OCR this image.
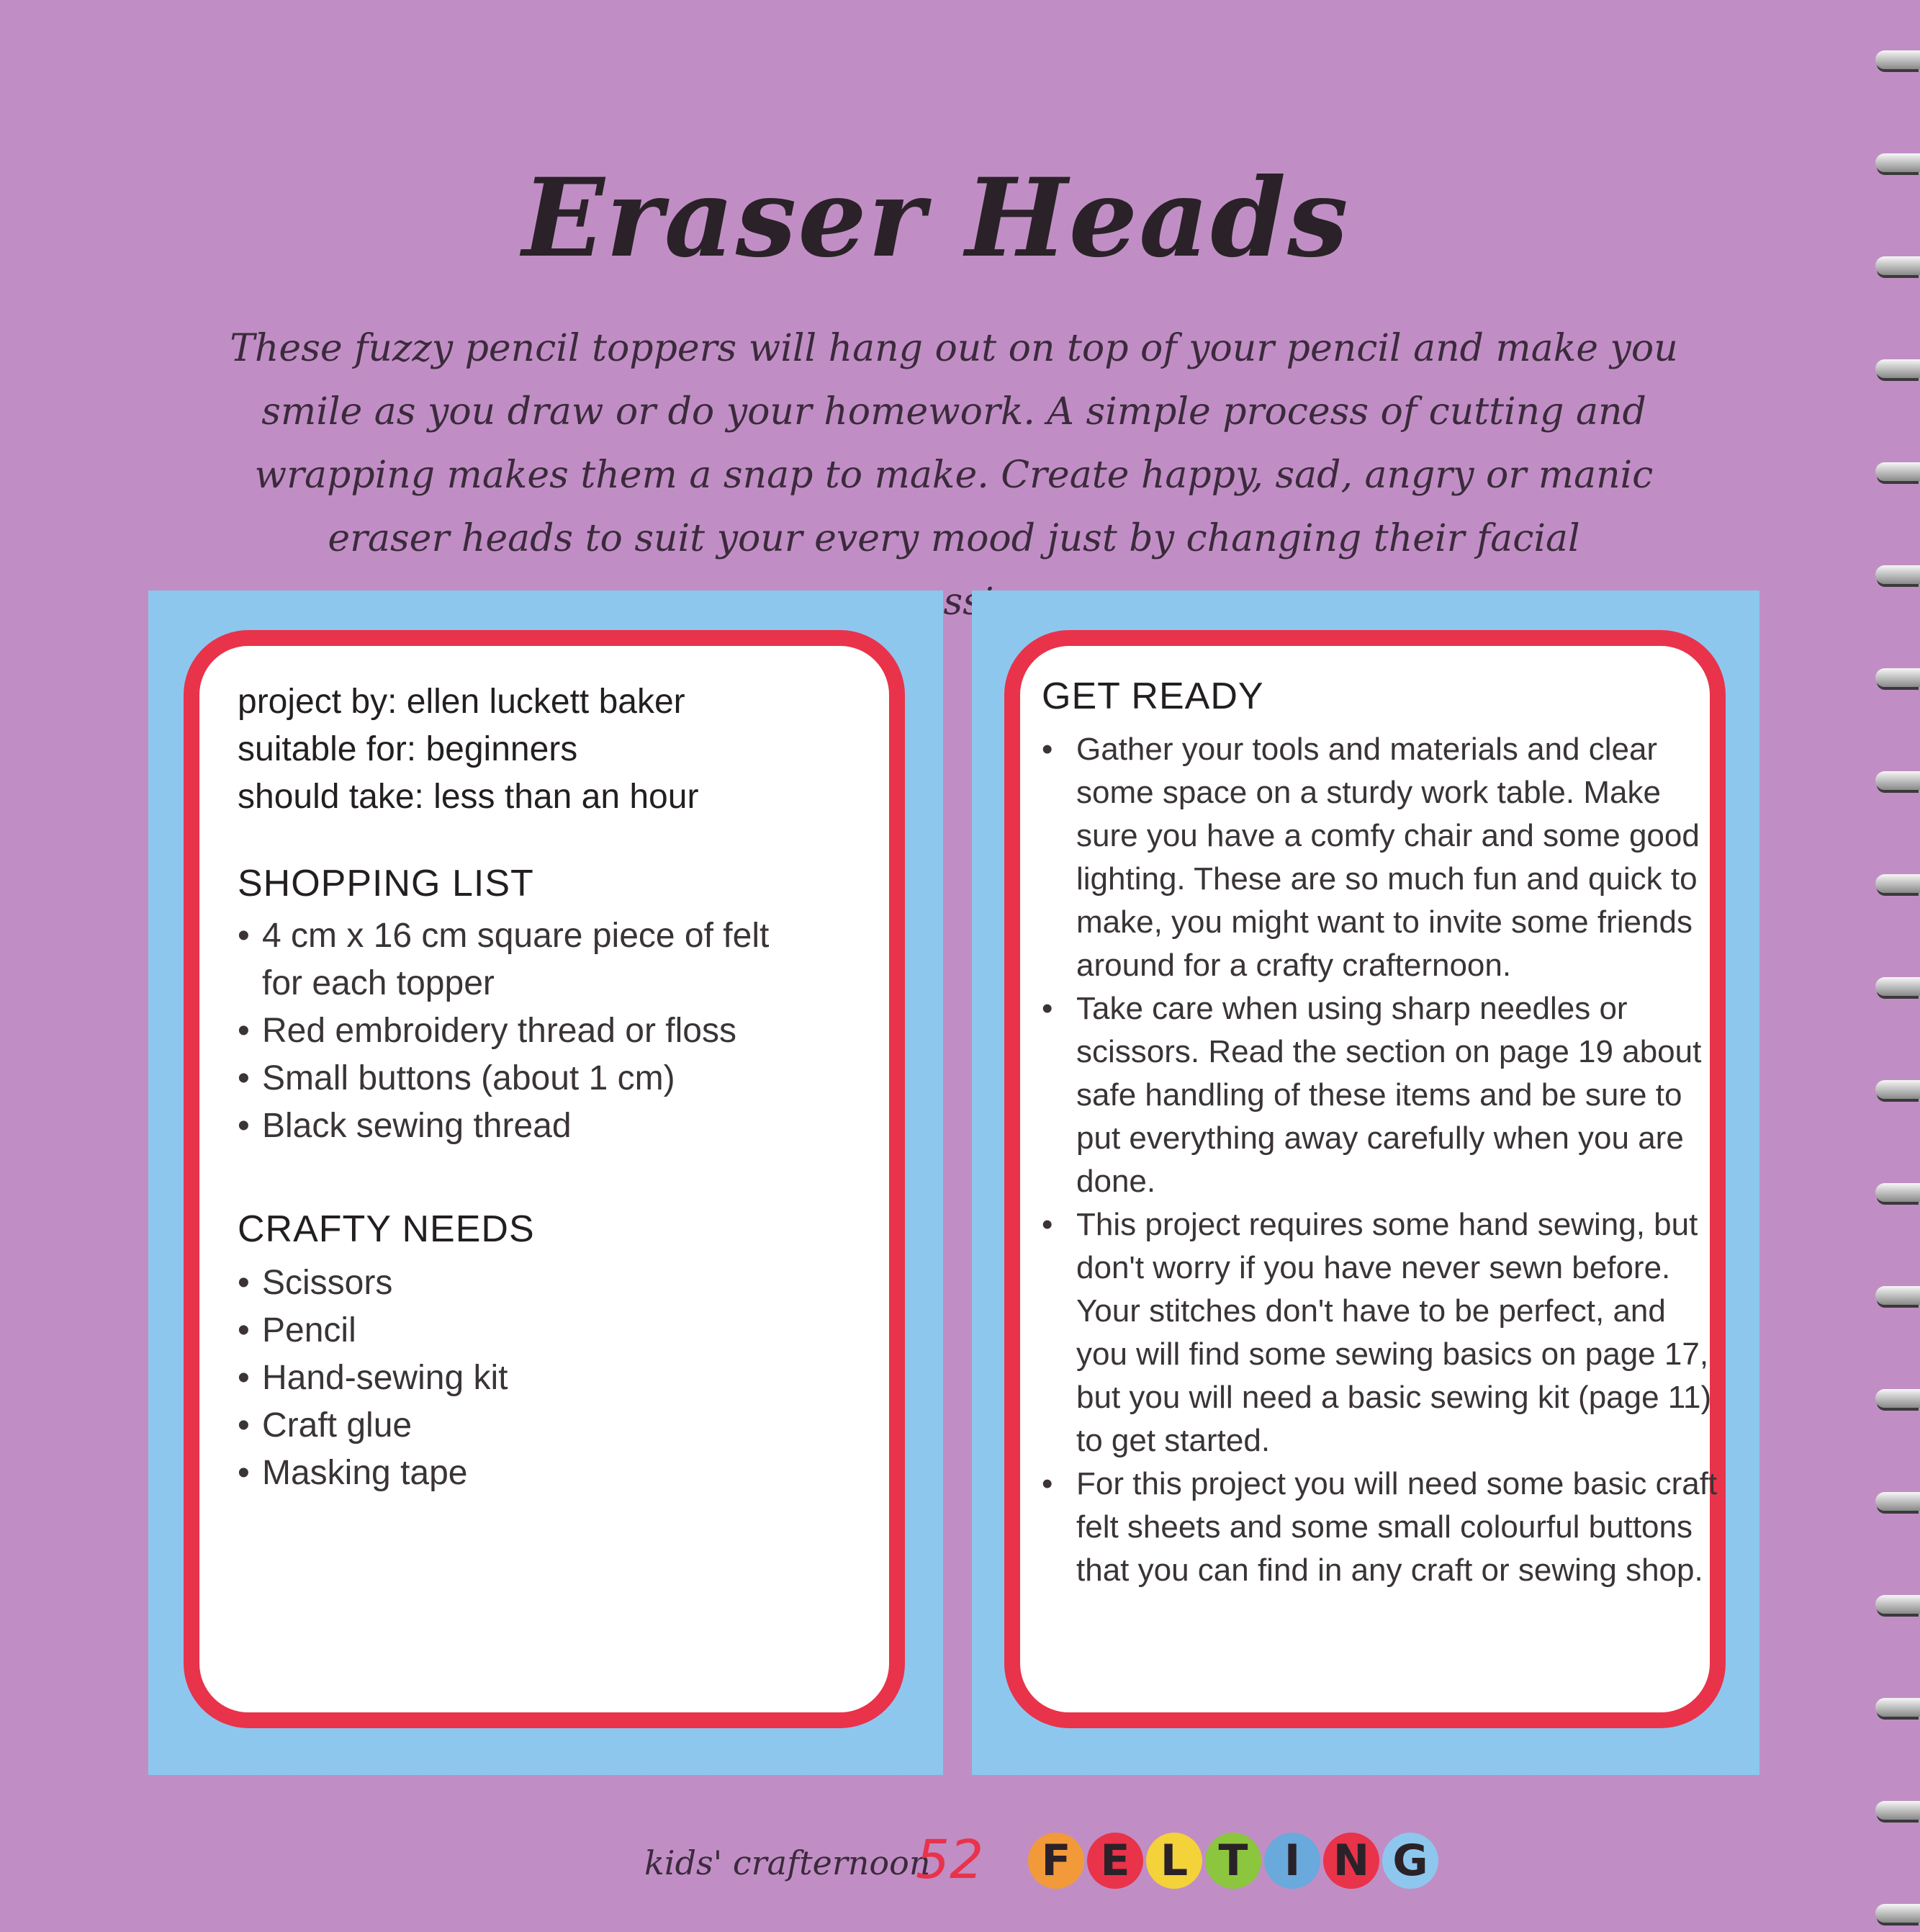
Eraser Heads
These fuzzy pencil toppers will hang out on top of your pencil and make you smile as you draw or do your homework. A simple process of cutting and wrapping makes them a snap to make. Create happy, sad, angry or manic eraser heads to suit your every mood just by changing their facial
project by: ellen luckett baker
suitable for: beginners
should take: less than an hour
SHOPPING LIST
• 4 cm x 16 cm square piece of felt for each topper
• Red embroidery thread or floss
• Small buttons (about 1 cm)
• Black sewing thread
CRAFTY NEEDS
• Scissors
• Pencil
• Hand-sewing kit
• Craft glue
• Masking tape
GET READY
• Gather your tools and materials and clear some space on a sturdy work table. Make sure you have a comfy chair and some good lighting. These are so much fun and quick to make, you might want to invite some friends around for a crafty crafternoon.
• Take care when using sharp needles or scissors. Read the section on page 19 about safe handling of these items and be sure to put everything away carefully when you are done.
• This project requires some hand sewing, but don't worry if you have never sewn before. Your stitches don't have to be perfect, and you will find some sewing basics on page 17, but you will need a basic sewing kit (page 11) to get started.
• For this project you will need some basic craft felt sheets and some small colourful buttons that you can find in any craft or sewing shop.
kids' crafternoon
52	F E L T I N G
